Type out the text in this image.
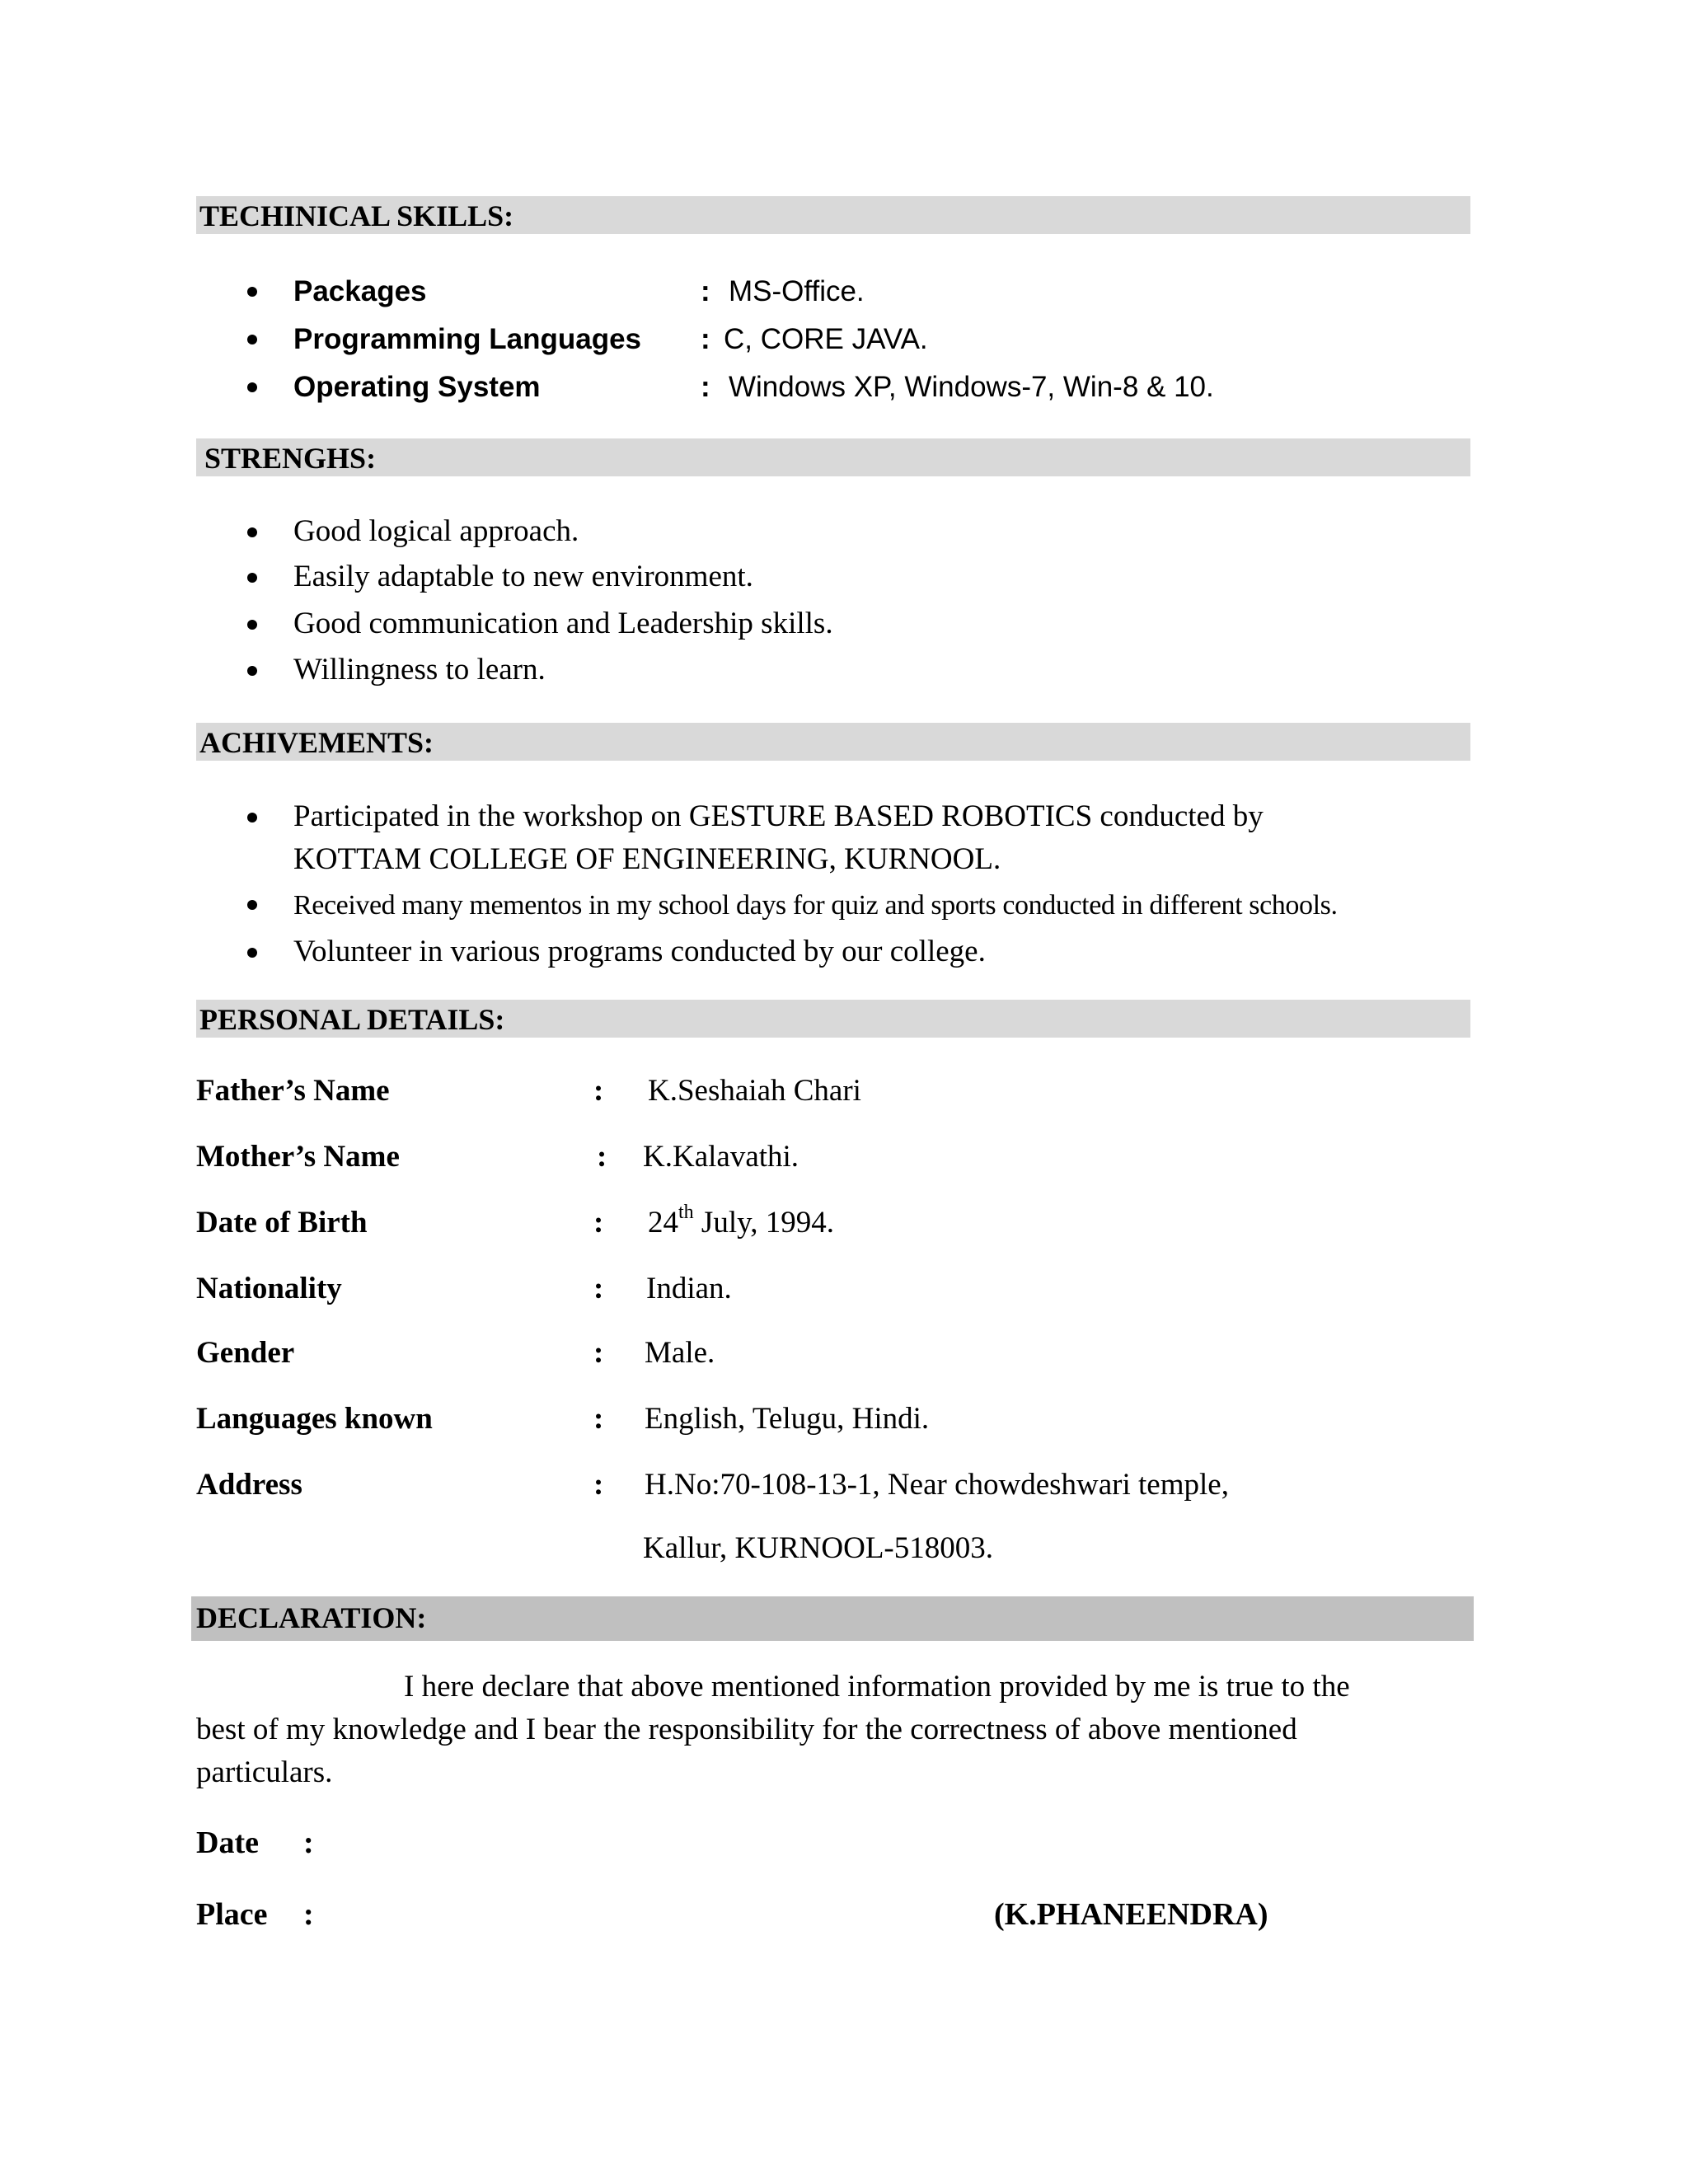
TECHINICAL SKILLS:
Packages	: MS-Office.
Programming Languages : C, CORE JAVA.
Operating System	: Windows XP, Windows-7, Win-8 & 10.
STRENGHS:
Good logical approach.
Easily adaptable to new environment.
Good communication and Leadership skills.
Willingness to learn.
ACHIVEMENTS:
Participated in the workshop on GESTURE BASED ROBOTICS conducted by
KOTTAM COLLEGE OF ENGINEERING, KURNOOL.
Received many mementos in my school days for quiz and sports conducted in different schools.
Volunteer in various programs conducted by our college.
PERSONAL DETAILS:
Father’s Name	: K.Seshaiah Chari
Mother’s Name	: K.Kalavathi.
Date of Birth	: 24th July, 1994.
Nationality	: Indian.
Gender	: Male.
Languages known	: English, Telugu, Hindi.
Address	: H.No:70-108-13-1, Near chowdeshwari temple,
Kallur, KURNOOL-518003.
DECLARATION:
I here declare that above mentioned information provided by me is true to the
best of my knowledge and I bear the responsibility for the correctness of above mentioned
particulars.
Date :
Place :	(K.PHANEENDRA)
